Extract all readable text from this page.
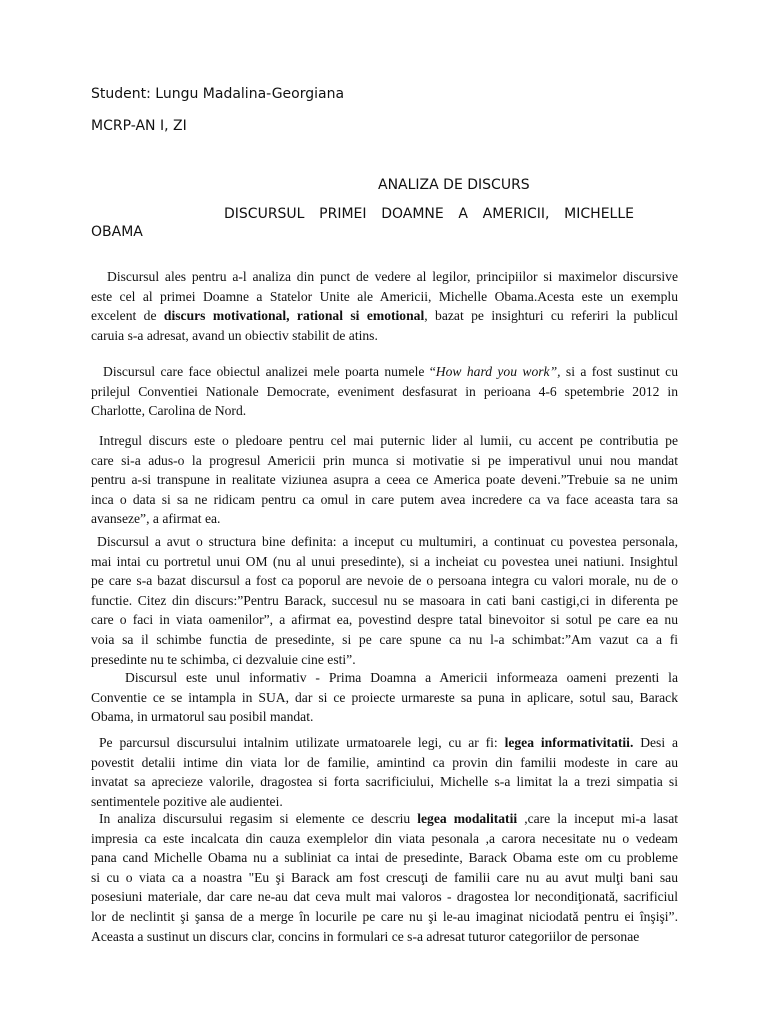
Student: Lungu Madalina-Georgiana
MCRP-AN I, ZI
ANALIZA DE DISCURS
DISCURSUL PRIMEI DOAMNE A AMERICII, MICHELLE OBAMA
Discursul ales pentru a-l analiza din punct de vedere al legilor, principiilor si maximelor discursive
este cel al primei Doamne a Statelor Unite ale Americii, Michelle Obama.Acesta este un exemplu
excelent de discurs motivational, rational si emotional, bazat pe insighturi cu referiri la publicul
caruia s-a adresat, avand un obiectiv stabilit de atins.
Discursul care face obiectul analizei mele poarta numele “How hard you work”, si a fost sustinut cu
prilejul Conventiei Nationale Democrate, eveniment desfasurat in perioana 4-6 spetembrie 2012 in
Charlotte, Carolina de Nord.
Intregul discurs este o pledoare pentru cel mai puternic lider al lumii, cu accent pe contributia pe
care si-a adus-o la progresul Americii prin munca si motivatie si pe imperativul unui nou mandat
pentru a-si transpune in realitate viziunea asupra a ceea ce America poate deveni.”Trebuie sa ne unim
inca o data si sa ne ridicam pentru ca omul in care putem avea incredere ca va face aceasta tara sa
avanseze”, a afirmat ea.
Discursul a avut o structura bine definita: a inceput cu multumiri, a continuat cu povestea personala,
mai intai cu portretul unui OM (nu al unui presedinte), si a incheiat cu povestea unei natiuni. Insightul
pe care s-a bazat discursul a fost ca poporul are nevoie de o persoana integra cu valori morale, nu de o
functie. Citez din discurs:”Pentru Barack, succesul nu se masoara in cati bani castigi,ci in diferenta pe
care o faci in viata oamenilor”, a afirmat ea, povestind despre tatal binevoitor si sotul pe care ea nu
voia sa il schimbe functia de presedinte, si pe care spune ca nu l-a schimbat:”Am vazut ca a fi
presedinte nu te schimba, ci dezvaluie cine esti”.
Discursul este unul informativ - Prima Doamna a Americii informeaza oameni prezenti la
Conventie ce se intampla in SUA, dar si ce proiecte urmareste sa puna in aplicare, sotul sau, Barack
Obama, in urmatorul sau posibil mandat.
Pe parcursul discursului intalnim utilizate urmatoarele legi, cu ar fi: legea informativitatii. Desi a
povestit detalii intime din viata lor de familie, amintind ca provin din familii modeste in care au
invatat sa aprecieze valorile, dragostea si forta sacrificiului, Michelle s-a limitat la a trezi simpatia si
sentimentele pozitive ale audientei.
In analiza discursului regasim si elemente ce descriu legea modalitatii ,care la inceput mi-a lasat
impresia ca este incalcata din cauza exemplelor din viata pesonala ,a carora necesitate nu o vedeam
pana cand Michelle Obama nu a subliniat ca intai de presedinte, Barack Obama este om cu probleme
si cu o viata ca a noastra "Eu şi Barack am fost crescuţi de familii care nu au avut mulţi bani sau
posesiuni materiale, dar care ne-au dat ceva mult mai valoros - dragostea lor necondiţionată, sacrificiul
lor de neclintit şi şansa de a merge în locurile pe care nu şi le-au imaginat niciodată pentru ei înşişi”.
Aceasta a sustinut un discurs clar, concins in formulari ce s-a adresat tuturor categoriilor de personae
